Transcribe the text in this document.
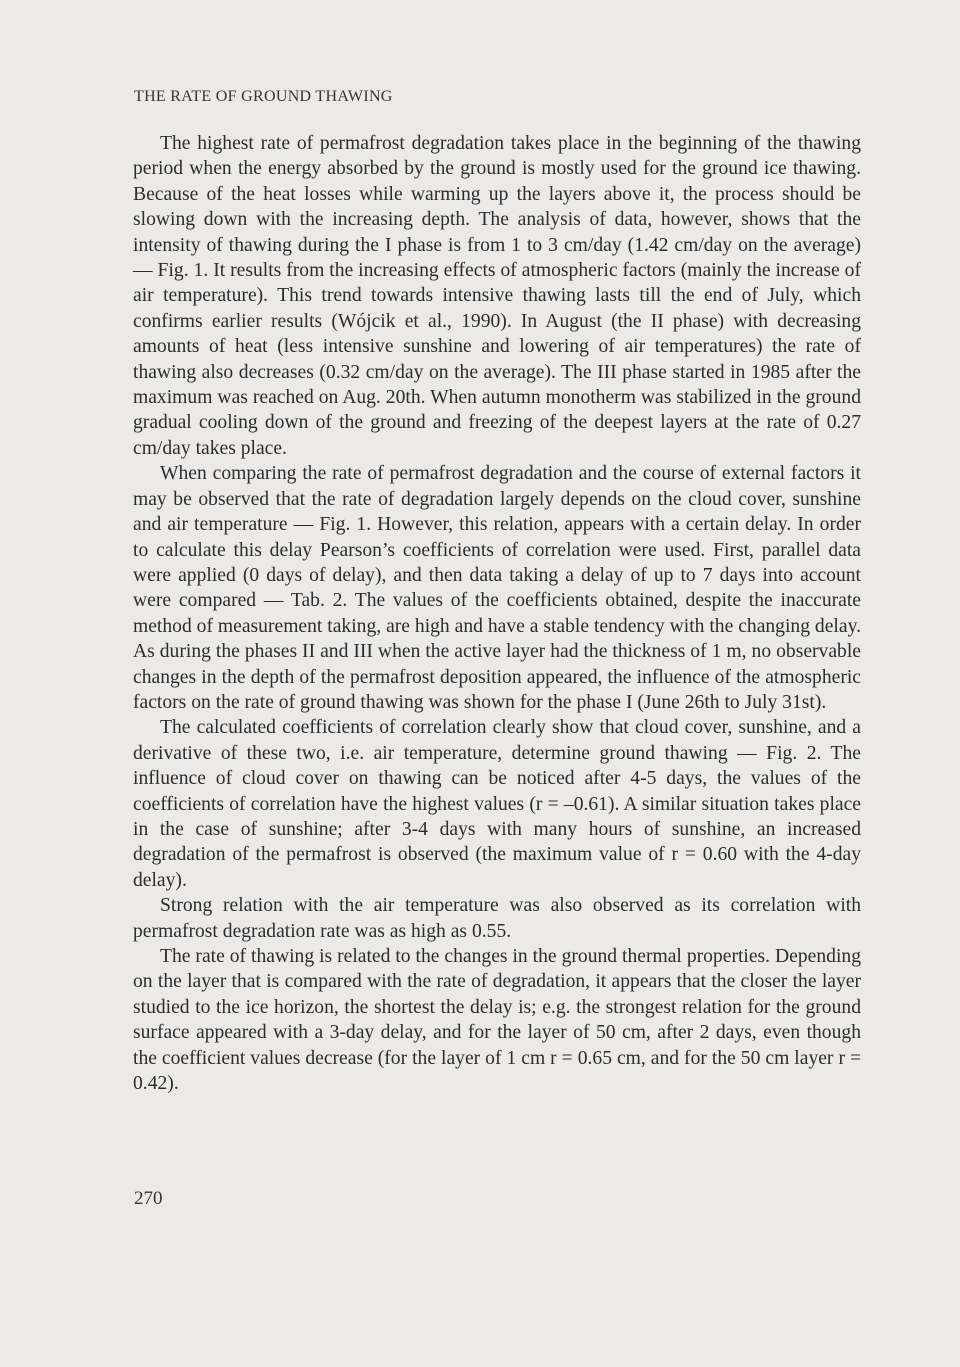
THE RATE OF GROUND THAWING

The highest rate of permafrost degradation takes place in the beginning of the thawing period when the energy absorbed by the ground is mostly used for the ground ice thawing. Because of the heat losses while warming up the layers above it, the process should be slowing down with the increasing depth. The analysis of data, however, shows that the intensity of thawing during the I phase is from 1 to 3 cm/day (1.42 cm/day on the average) — Fig. 1. It results from the increasing effects of atmospheric factors (mainly the increase of air temperature). This trend towards intensive thawing lasts till the end of July, which confirms earlier results (Wójcik et al., 1990). In August (the II phase) with decreasing amounts of heat (less intensive sunshine and lowering of air temperatures) the rate of thawing also decreases (0.32 cm/day on the average). The III phase started in 1985 after the maximum was reached on Aug. 20th. When autumn monotherm was stabilized in the ground gradual cooling down of the ground and freezing of the deepest layers at the rate of 0.27 cm/day takes place.

When comparing the rate of permafrost degradation and the course of external factors it may be observed that the rate of degradation largely depends on the cloud cover, sunshine and air temperature — Fig. 1. However, this relation, appears with a certain delay. In order to calculate this delay Pearson’s coefficients of correlation were used. First, parallel data were applied (0 days of delay), and then data taking a delay of up to 7 days into account were compared — Tab. 2. The values of the coefficients obtained, despite the inaccurate method of measurement taking, are high and have a stable tendency with the changing delay. As during the phases II and III when the active layer had the thickness of 1 m, no observable changes in the depth of the permafrost deposition appeared, the influence of the atmospheric factors on the rate of ground thawing was shown for the phase I (June 26th to July 31st).

The calculated coefficients of correlation clearly show that cloud cover, sunshine, and a derivative of these two, i.e. air temperature, determine ground thawing — Fig. 2. The influence of cloud cover on thawing can be noticed after 4-5 days, the values of the coefficients of correlation have the highest values (r = –0.61). A similar situation takes place in the case of sunshine; after 3-4 days with many hours of sunshine, an increased degradation of the permafrost is observed (the maximum value of r = 0.60 with the 4-day delay).

Strong relation with the air temperature was also observed as its correlation with permafrost degradation rate was as high as 0.55.

The rate of thawing is related to the changes in the ground thermal properties. Depending on the layer that is compared with the rate of degradation, it appears that the closer the layer studied to the ice horizon, the shortest the delay is; e.g. the strongest relation for the ground surface appeared with a 3-day delay, and for the layer of 50 cm, after 2 days, even though the coefficient values decrease (for the layer of 1 cm r = 0.65 cm, and for the 50 cm layer r = 0.42).

270
